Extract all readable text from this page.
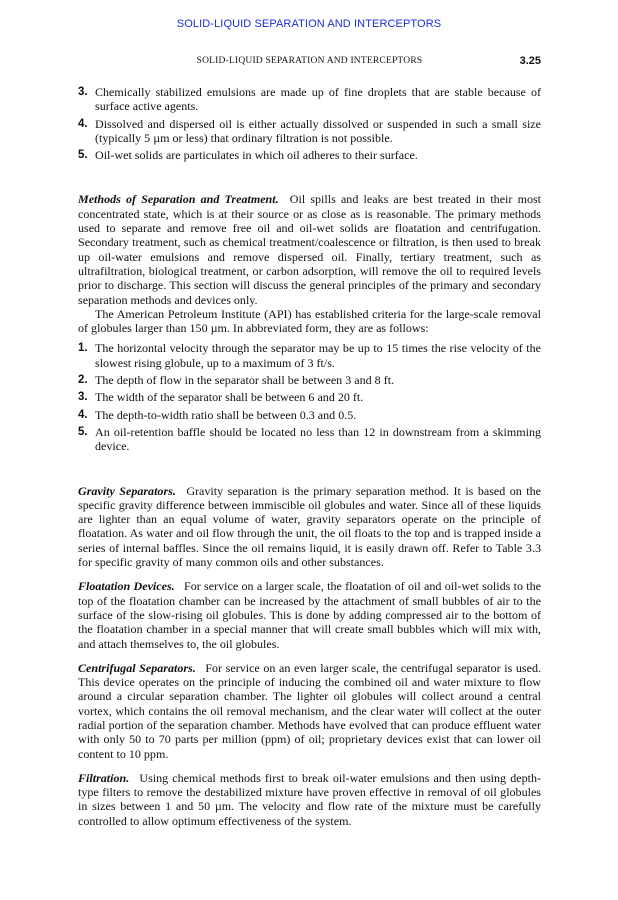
SOLID-LIQUID SEPARATION AND INTERCEPTORS
SOLID-LIQUID SEPARATION AND INTERCEPTORS	3.25
3. Chemically stabilized emulsions are made up of fine droplets that are stable because of surface active agents.
4. Dissolved and dispersed oil is either actually dissolved or suspended in such a small size (typically 5 µm or less) that ordinary filtration is not possible.
5. Oil-wet solids are particulates in which oil adheres to their surface.

Methods of Separation and Treatment. Oil spills and leaks are best treated in their most concentrated state, which is at their source or as close as is reasonable. The primary methods used to separate and remove free oil and oil-wet solids are floatation and centrifugation. Secondary treatment, such as chemical treatment/coalescence or filtration, is then used to break up oil-water emulsions and remove dispersed oil. Finally, tertiary treatment, such as ultrafiltration, biological treatment, or carbon adsorption, will remove the oil to required levels prior to discharge. This section will discuss the general principles of the primary and secondary separation methods and devices only.

The American Petroleum Institute (API) has established criteria for the large-scale removal of globules larger than 150 µm. In abbreviated form, they are as follows:

1. The horizontal velocity through the separator may be up to 15 times the rise velocity of the slowest rising globule, up to a maximum of 3 ft/s.
2. The depth of flow in the separator shall be between 3 and 8 ft.
3. The width of the separator shall be between 6 and 20 ft.
4. The depth-to-width ratio shall be between 0.3 and 0.5.
5. An oil-retention baffle should be located no less than 12 in downstream from a skimming device.

Gravity Separators. Gravity separation is the primary separation method. It is based on the specific gravity difference between immiscible oil globules and water. Since all of these liquids are lighter than an equal volume of water, gravity separators operate on the principle of floatation. As water and oil flow through the unit, the oil floats to the top and is trapped inside a series of internal baffles. Since the oil remains liquid, it is easily drawn off. Refer to Table 3.3 for specific gravity of many common oils and other substances.

Floatation Devices. For service on a larger scale, the floatation of oil and oil-wet solids to the top of the floatation chamber can be increased by the attachment of small bubbles of air to the surface of the slow-rising oil globules. This is done by adding compressed air to the bottom of the floatation chamber in a special manner that will create small bubbles which will mix with, and attach themselves to, the oil globules.

Centrifugal Separators. For service on an even larger scale, the centrifugal separator is used. This device operates on the principle of inducing the combined oil and water mixture to flow around a circular separation chamber. The lighter oil globules will collect around a central vortex, which contains the oil removal mechanism, and the clear water will collect at the outer radial portion of the separation chamber. Methods have evolved that can produce effluent water with only 50 to 70 parts per million (ppm) of oil; proprietary devices exist that can lower oil content to 10 ppm.

Filtration. Using chemical methods first to break oil-water emulsions and then using depth-type filters to remove the destabilized mixture have proven effective in removal of oil globules in sizes between 1 and 50 µm. The velocity and flow rate of the mixture must be carefully controlled to allow optimum effectiveness of the system.
